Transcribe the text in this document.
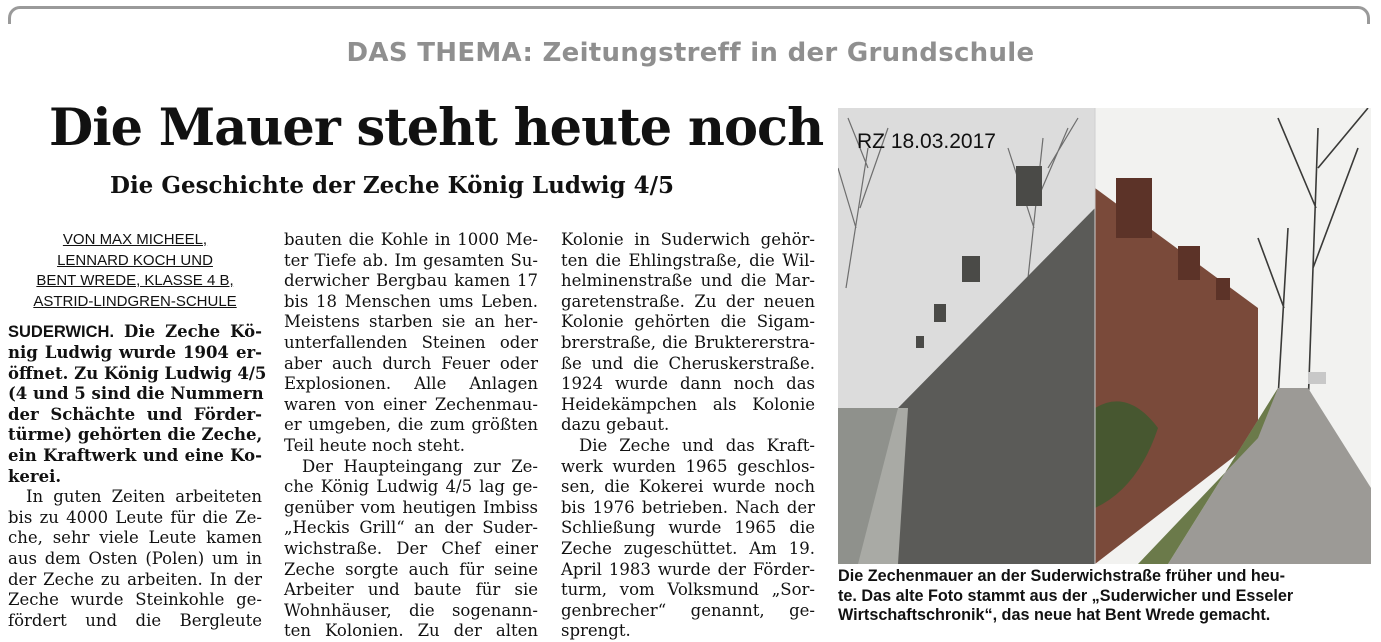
DAS THEMA: Zeitungstreff in der Grundschule
Die Mauer steht heute noch
Die Geschichte der Zeche König Ludwig 4/5
VON MAX MICHEEL,
LENNARD KOCH UND
BENT WREDE, KLASSE 4 B,
ASTRID-LINDGREN-SCHULE
SUDERWICH. Die Zeche Kö-
nig Ludwig wurde 1904 er-
öffnet. Zu König Ludwig 4/5
(4 und 5 sind die Nummern
der Schächte und Förder-
türme) gehörten die Zeche,
ein Kraftwerk und eine Ko-
kerei.
In guten Zeiten arbeiteten
bis zu 4000 Leute für die Ze-
che, sehr viele Leute kamen
aus dem Osten (Polen) um in
der Zeche zu arbeiten. In der
Zeche wurde Steinkohle ge-
fördert und die Bergleute
bauten die Kohle in 1000 Me-
ter Tiefe ab. Im gesamten Su-
derwicher Bergbau kamen 17
bis 18 Menschen ums Leben.
Meistens starben sie an her-
unterfallenden Steinen oder
aber auch durch Feuer oder
Explosionen. Alle Anlagen
waren von einer Zechenmau-
er umgeben, die zum größten
Teil heute noch steht.
Der Haupteingang zur Ze-
che König Ludwig 4/5 lag ge-
genüber vom heutigen Imbiss
„Heckis Grill“ an der Suder-
wichstraße. Der Chef einer
Zeche sorgte auch für seine
Arbeiter und baute für sie
Wohnhäuser, die sogenann-
ten Kolonien. Zu der alten
Kolonie in Suderwich gehör-
ten die Ehlingstraße, die Wil-
helminenstraße und die Mar-
garetenstraße. Zu der neuen
Kolonie gehörten die Sigam-
brerstraße, die Bruktererstra-
ße und die Cheruskerstraße.
1924 wurde dann noch das
Heidekämpchen als Kolonie
dazu gebaut.
Die Zeche und das Kraft-
werk wurden 1965 geschlos-
sen, die Kokerei wurde noch
bis 1976 betrieben. Nach der
Schließung wurde 1965 die
Zeche zugeschüttet. Am 19.
April 1983 wurde der Förder-
turm, vom Volksmund „Sor-
genbrecher“ genannt, ge-
sprengt.
RZ 18.03.2017
Die Zechenmauer an der Suderwichstraße früher und heu-
te. Das alte Foto stammt aus der „Suderwicher und Esseler
Wirtschaftschronik“, das neue hat Bent Wrede gemacht.
